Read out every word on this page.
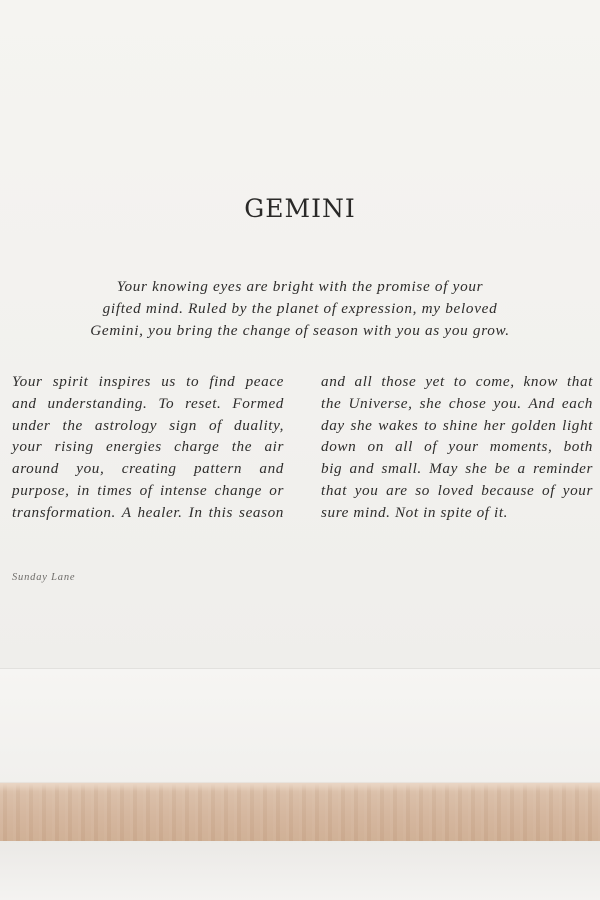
GEMINI
Your knowing eyes are bright with the promise of your
gifted mind. Ruled by the planet of expression, my beloved
Gemini, you bring the change of season with you as you grow.
Your spirit inspires us to find peace
and understanding. To reset. Formed
under the astrology sign of duality,
your rising energies charge the air
around you, creating pattern and
purpose, in times of intense change or
transformation. A healer. In this season
and all those yet to come, know that
the Universe, she chose you. And each
day she wakes to shine her golden light
down on all of your moments, both
big and small. May she be a reminder
that you are so loved because of your
sure mind. Not in spite of it.
Sunday Lane
